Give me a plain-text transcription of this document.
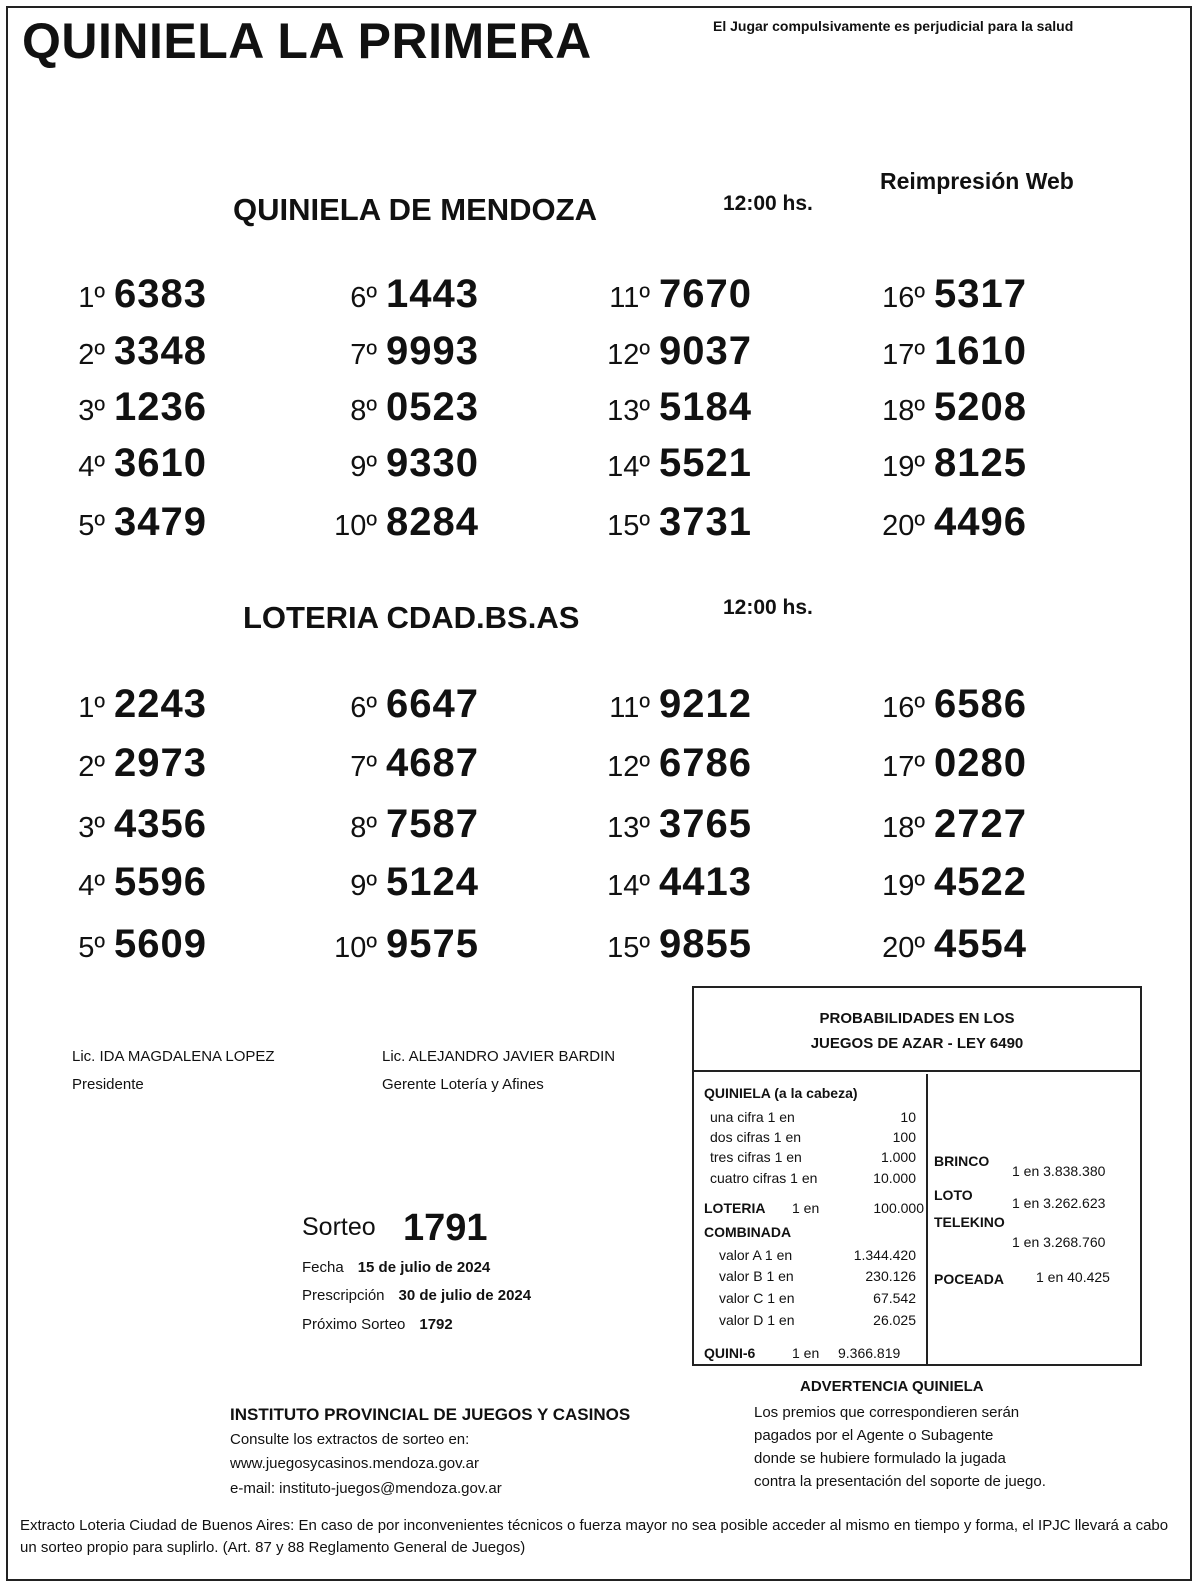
QUINIELA LA PRIMERA	El Jugar compulsivamente es perjudicial para la salud
Reimpresión Web
QUINIELA DE MENDOZA	12:00 hs.
1º 6383
2º 3348
3º 1236
4º 3610
5º 3479
6º 1443
7º 9993
8º 0523
9º 9330
10º 8284
11º 7670
12º 9037
13º 5184
14º 5521
15º 3731
16º 5317
17º 1610
18º 5208
19º 8125
20º 4496
LOTERIA CDAD.BS.AS	12:00 hs.
1º 2243
2º 2973
3º 4356
4º 5596
5º 5609
6º 6647
7º 4687
8º 7587
9º 5124
10º 9575
11º 9212
12º 6786
13º 3765
14º 4413
15º 9855
16º 6586
17º 0280
18º 2727
19º 4522
20º 4554
Lic. IDA MAGDALENA LOPEZ
Presidente
Lic. ALEJANDRO JAVIER BARDIN
Gerente Lotería y Afines
Sorteo 1791
Fecha 15 de julio de 2024
Prescripción 30 de julio de 2024
Próximo Sorteo 1792
PROBABILIDADES EN LOS
JUEGOS DE AZAR - LEY 6490
QUINIELA (a la cabeza)
una cifra 1 en	10
dos cifras 1 en	100
tres cifras 1 en	1.000
cuatro cifras 1 en	10.000
LOTERIA 1 en	100.000
COMBINADA
valor A 1 en	1.344.420
valor B 1 en	230.126
valor C 1 en	67.542
valor D 1 en	26.025
QUINI-6	1 en 9.366.819
BRINCO
1 en 3.838.380
LOTO	1 en 3.262.623
TELEKINO
1 en 3.268.760
POCEADA 1 en 40.425
INSTITUTO PROVINCIAL DE JUEGOS Y CASINOS
Consulte los extractos de sorteo en:
www.juegosycasinos.mendoza.gov.ar
e-mail: instituto-juegos@mendoza.gov.ar
ADVERTENCIA QUINIELA
Los premios que correspondieren serán
pagados por el Agente o Subagente
donde se hubiere formulado la jugada
contra la presentación del soporte de juego.
Extracto Loteria Ciudad de Buenos Aires: En caso de por inconvenientes técnicos o fuerza mayor no sea posible acceder al mismo en tiempo y forma, el IPJC llevará a cabo un sorteo propio para suplirlo. (Art. 87 y 88 Reglamento General de Juegos)
